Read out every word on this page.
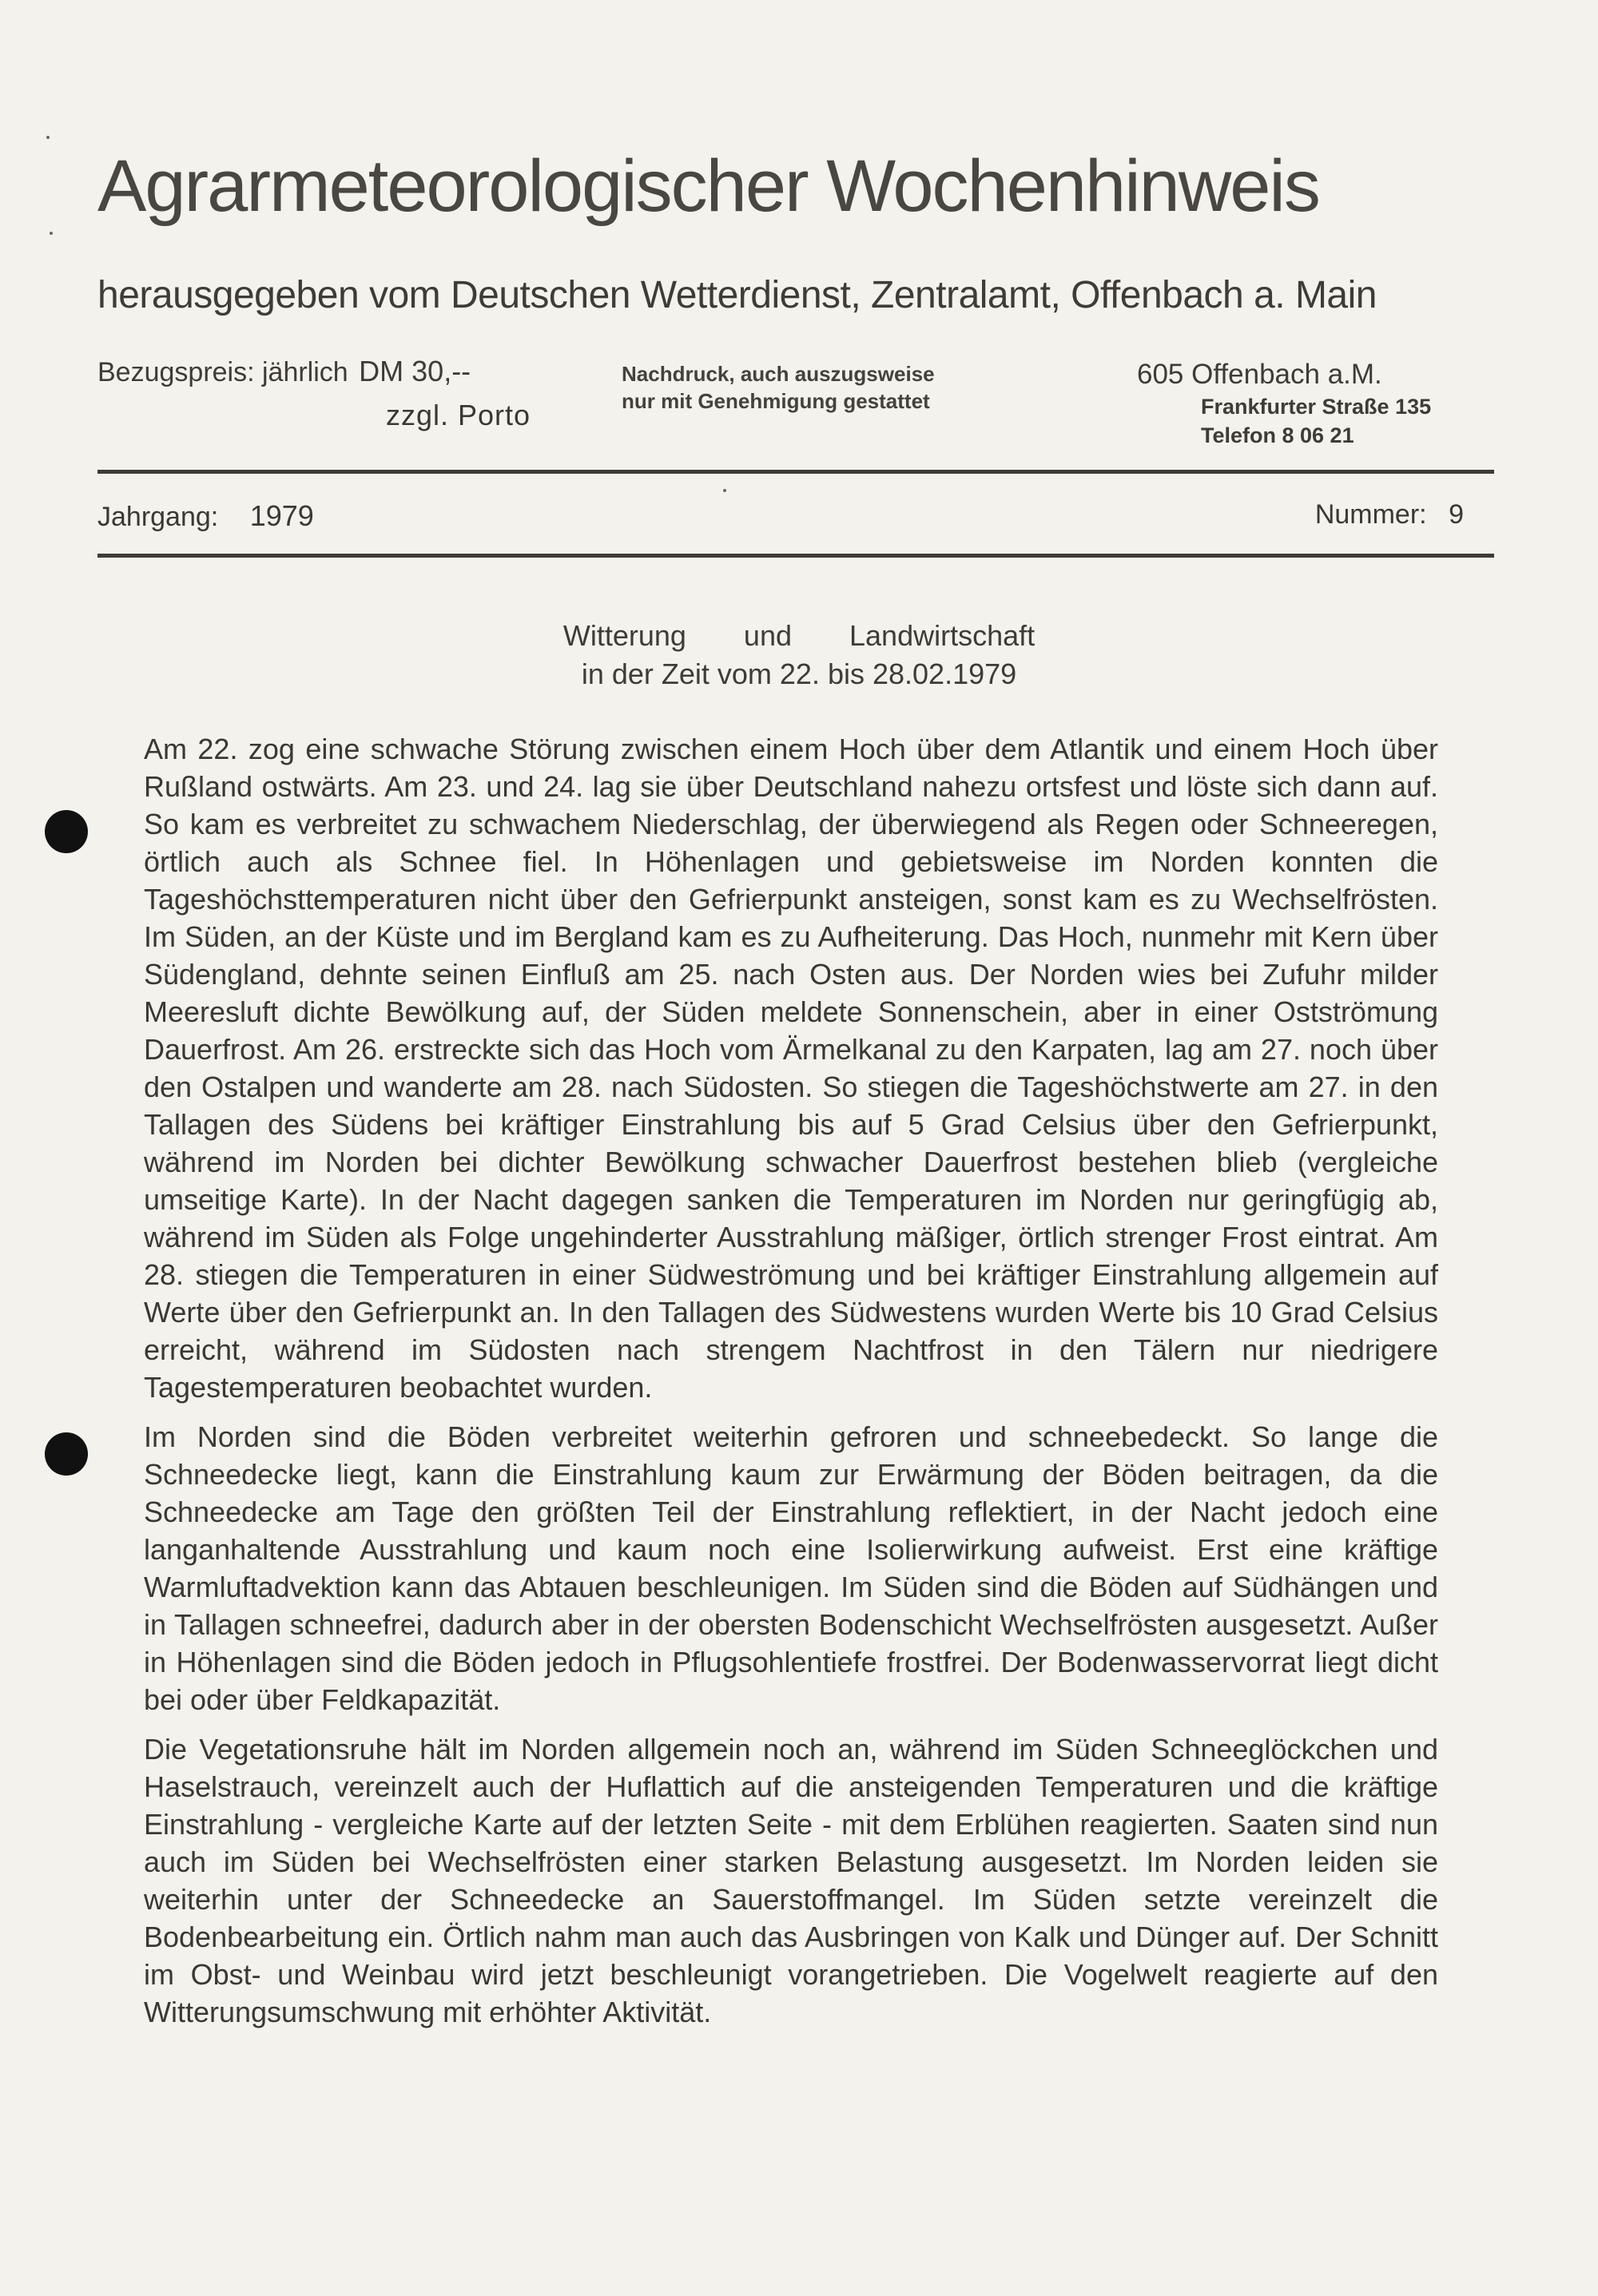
Agrarmeteorologischer Wochenhinweis
herausgegeben vom Deutschen Wetterdienst, Zentralamt, Offenbach a. Main
Bezugspreis: jährlich DM 30,--
zzgl. Porto
Nachdruck, auch auszugsweise
nur mit Genehmigung gestattet
605 Offenbach a.M.
Frankfurter Straße 135
Telefon 8 06 21
Jahrgang: 1979	Nummer: 9
Witterung und Landwirtschaft
in der Zeit vom 22. bis 28.02.1979

Am 22. zog eine schwache Störung zwischen einem Hoch über dem Atlantik und einem Hoch über Rußland ostwärts. Am 23. und 24. lag sie über Deutschland nahezu ortsfest und löste sich dann auf. So kam es verbreitet zu schwachem Niederschlag, der überwiegend als Regen oder Schneeregen, örtlich auch als Schnee fiel. In Höhenlagen und gebietsweise im Norden konnten die Tageshöchsttemperaturen nicht über den Gefrierpunkt ansteigen, sonst kam es zu Wechselfrösten. Im Süden, an der Küste und im Bergland kam es zu Aufheiterung. Das Hoch, nunmehr mit Kern über Südengland, dehnte seinen Einfluß am 25. nach Osten aus. Der Norden wies bei Zufuhr milder Meeresluft dichte Bewölkung auf, der Süden meldete Sonnenschein, aber in einer Ostströmung Dauerfrost. Am 26. erstreckte sich das Hoch vom Ärmelkanal zu den Karpaten, lag am 27. noch über den Ostalpen und wanderte am 28. nach Südosten. So stiegen die Tageshöchstwerte am 27. in den Tallagen des Südens bei kräftiger Einstrahlung bis auf 5 Grad Celsius über den Gefrierpunkt, während im Norden bei dichter Bewölkung schwacher Dauerfrost bestehen blieb (vergleiche umseitige Karte). In der Nacht dagegen sanken die Temperaturen im Norden nur geringfügig ab, während im Süden als Folge ungehinderter Ausstrahlung mäßiger, örtlich strenger Frost eintrat. Am 28. stiegen die Temperaturen in einer Südweströmung und bei kräftiger Einstrahlung allgemein auf Werte über den Gefrierpunkt an. In den Tallagen des Südwestens wurden Werte bis 10 Grad Celsius erreicht, während im Südosten nach strengem Nachtfrost in den Tälern nur niedrigere Tagestemperaturen beobachtet wurden.

Im Norden sind die Böden verbreitet weiterhin gefroren und schneebedeckt. So lange die Schneedecke liegt, kann die Einstrahlung kaum zur Erwärmung der Böden beitragen, da die Schneedecke am Tage den größten Teil der Einstrahlung reflektiert, in der Nacht jedoch eine langanhaltende Ausstrahlung und kaum noch eine Isolierwirkung aufweist. Erst eine kräftige Warmluftadvektion kann das Abtauen beschleunigen. Im Süden sind die Böden auf Südhängen und in Tallagen schneefrei, dadurch aber in der obersten Bodenschicht Wechselfrösten ausgesetzt. Außer in Höhenlagen sind die Böden jedoch in Pflugsohlentiefe frostfrei. Der Bodenwasservorrat liegt dicht bei oder über Feldkapazität.

Die Vegetationsruhe hält im Norden allgemein noch an, während im Süden Schneeglöckchen und Haselstrauch, vereinzelt auch der Huflattich auf die ansteigenden Temperaturen und die kräftige Einstrahlung - vergleiche Karte auf der letzten Seite - mit dem Erblühen reagierten. Saaten sind nun auch im Süden bei Wechselfrösten einer starken Belastung ausgesetzt. Im Norden leiden sie weiterhin unter der Schneedecke an Sauerstoffmangel. Im Süden setzte vereinzelt die Bodenbearbeitung ein. Örtlich nahm man auch das Ausbringen von Kalk und Dünger auf. Der Schnitt im Obst- und Weinbau wird jetzt beschleunigt vorangetrieben. Die Vogelwelt reagierte auf den Witterungsumschwung mit erhöhter Aktivität.
